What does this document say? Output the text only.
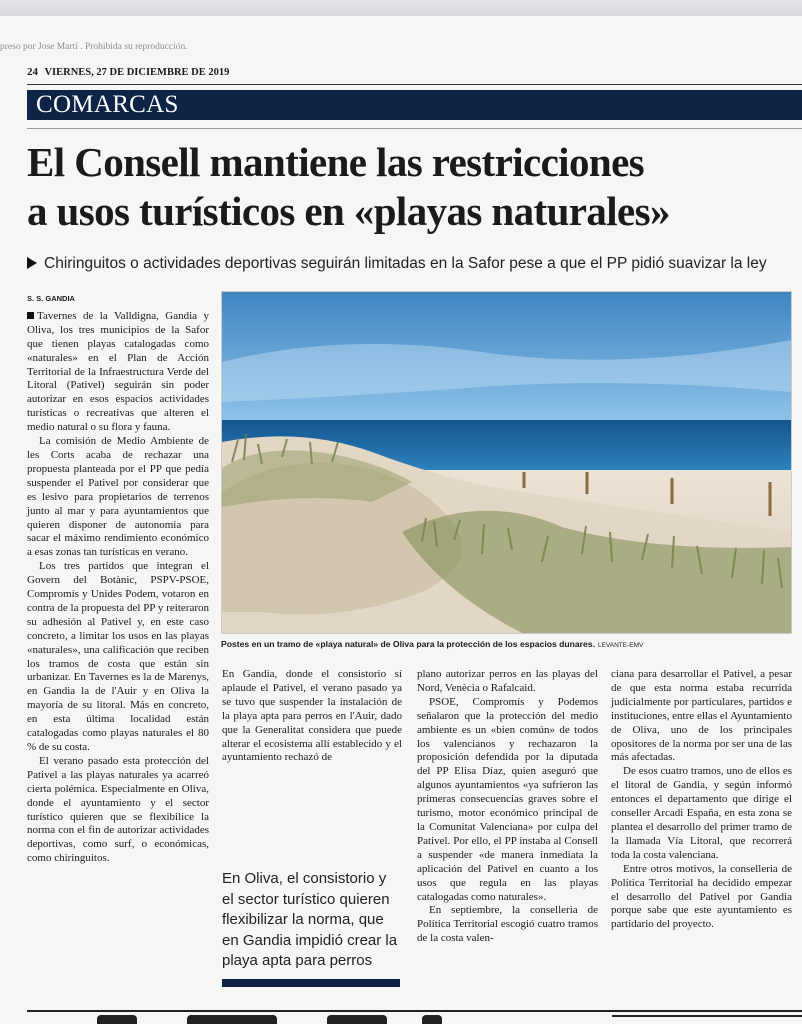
preso por Jose Martí . Prohibida su reproducción.
24 VIERNES, 27 DE DICIEMBRE DE 2019
COMARCAS
El Consell mantiene las restricciones
a usos turísticos en «playas naturales»
Chiringuitos o actividades deportivas seguirán limitadas en la Safor pese a que el PP pidió suavizar la ley
S. S. GANDIA

Tavernes de la Valldigna, Gandia y Oliva, los tres municipios de la Safor que tienen playas catalogadas como «naturales» en el Plan de Acción Territorial de la Infraestructura Verde del Litoral (Pativel) seguirán sin poder autorizar en esos espacios actividades turísticas o recreativas que alteren el medio natural o su flora y fauna.

La comisión de Medio Ambiente de les Corts acaba de rechazar una propuesta planteada por el PP que pedía suspender el Pativel por considerar que es lesivo para propietarios de terrenos junto al mar y para ayuntamientos que quieren disponer de autonomía para sacar el máximo rendimiento económico a esas zonas tan turísticas en verano.

Los tres partidos que integran el Govern del Botànic, PSPV-PSOE, Compromís y Unides Podem, votaron en contra de la propuesta del PP y reiteraron su adhesión al Pativel y, en este caso concreto, a limitar los usos en las playas «naturales», una calificación que reciben los tramos de costa que están sin urbanizar. En Tavernes es la de Marenys, en Gandia la de l'Auir y en Oliva la mayoría de su litoral. Más en concreto, en esta última localidad están catalogadas como playas naturales el 80 % de su costa.

El verano pasado esta protección del Pativel a las playas naturales ya acarreó cierta polémica. Especialmente en Oliva, donde el ayuntamiento y el sector turístico quieren que se flexibilice la norma con el fin de autorizar actividades deportivas, como surf, o económicas, como chiringuitos.

Postes en un tramo de «playa natural» de Oliva para la protección de los espacios dunares. LEVANTE-EMV

En Gandia, donde el consistorio sí aplaude el Pativel, el verano pasado ya se tuvo que suspender la instalación de la playa apta para perros en l'Auir, dado que la Generalitat considera que puede alterar el ecosistema allí establecido y el ayuntamiento rechazó de

En Oliva, el consistorio y el sector turístico quieren flexibilizar la norma, que en Gandia impidió crear la playa apta para perros

plano autorizar perros en las playas del Nord, Venècia o Rafalcaid.

PSOE, Compromís y Podemos señalaron que la protección del medio ambiente es un «bien común» de todos los valencianos y rechazaron la proposición defendida por la diputada del PP Elisa Díaz, quien aseguró que algunos ayuntamientos «ya sufrieron las primeras consecuencias graves sobre el turismo, motor económico principal de la Comunitat Valenciana» por culpa del Pativel. Por ello, el PP instaba al Consell a suspender «de manera inmediata la aplicación del Pativel en cuanto a los usos que regula en las playas catalogadas como naturales».

En septiembre, la conselleria de Política Territorial escogió cuatro tramos de la costa valen-

ciana para desarrollar el Pativel, a pesar de que esta norma estaba recurrida judicialmente por particulares, partidos e instituciones, entre ellas el Ayuntamiento de Oliva, uno de los principales opositores de la norma por ser una de las más afectadas.

De esos cuatro tramos, uno de ellos es el litoral de Gandia, y según informó entonces el departamento que dirige el conseller Arcadi España, en esta zona se plantea el desarrollo del primer tramo de la llamada Vía Litoral, que recorrerá toda la costa valenciana.

Entre otros motivos, la conselleria de Política Territorial ha decidido empezar el desarrollo del Pativel por Gandia porque sabe que este ayuntamiento es partidario del proyecto.
